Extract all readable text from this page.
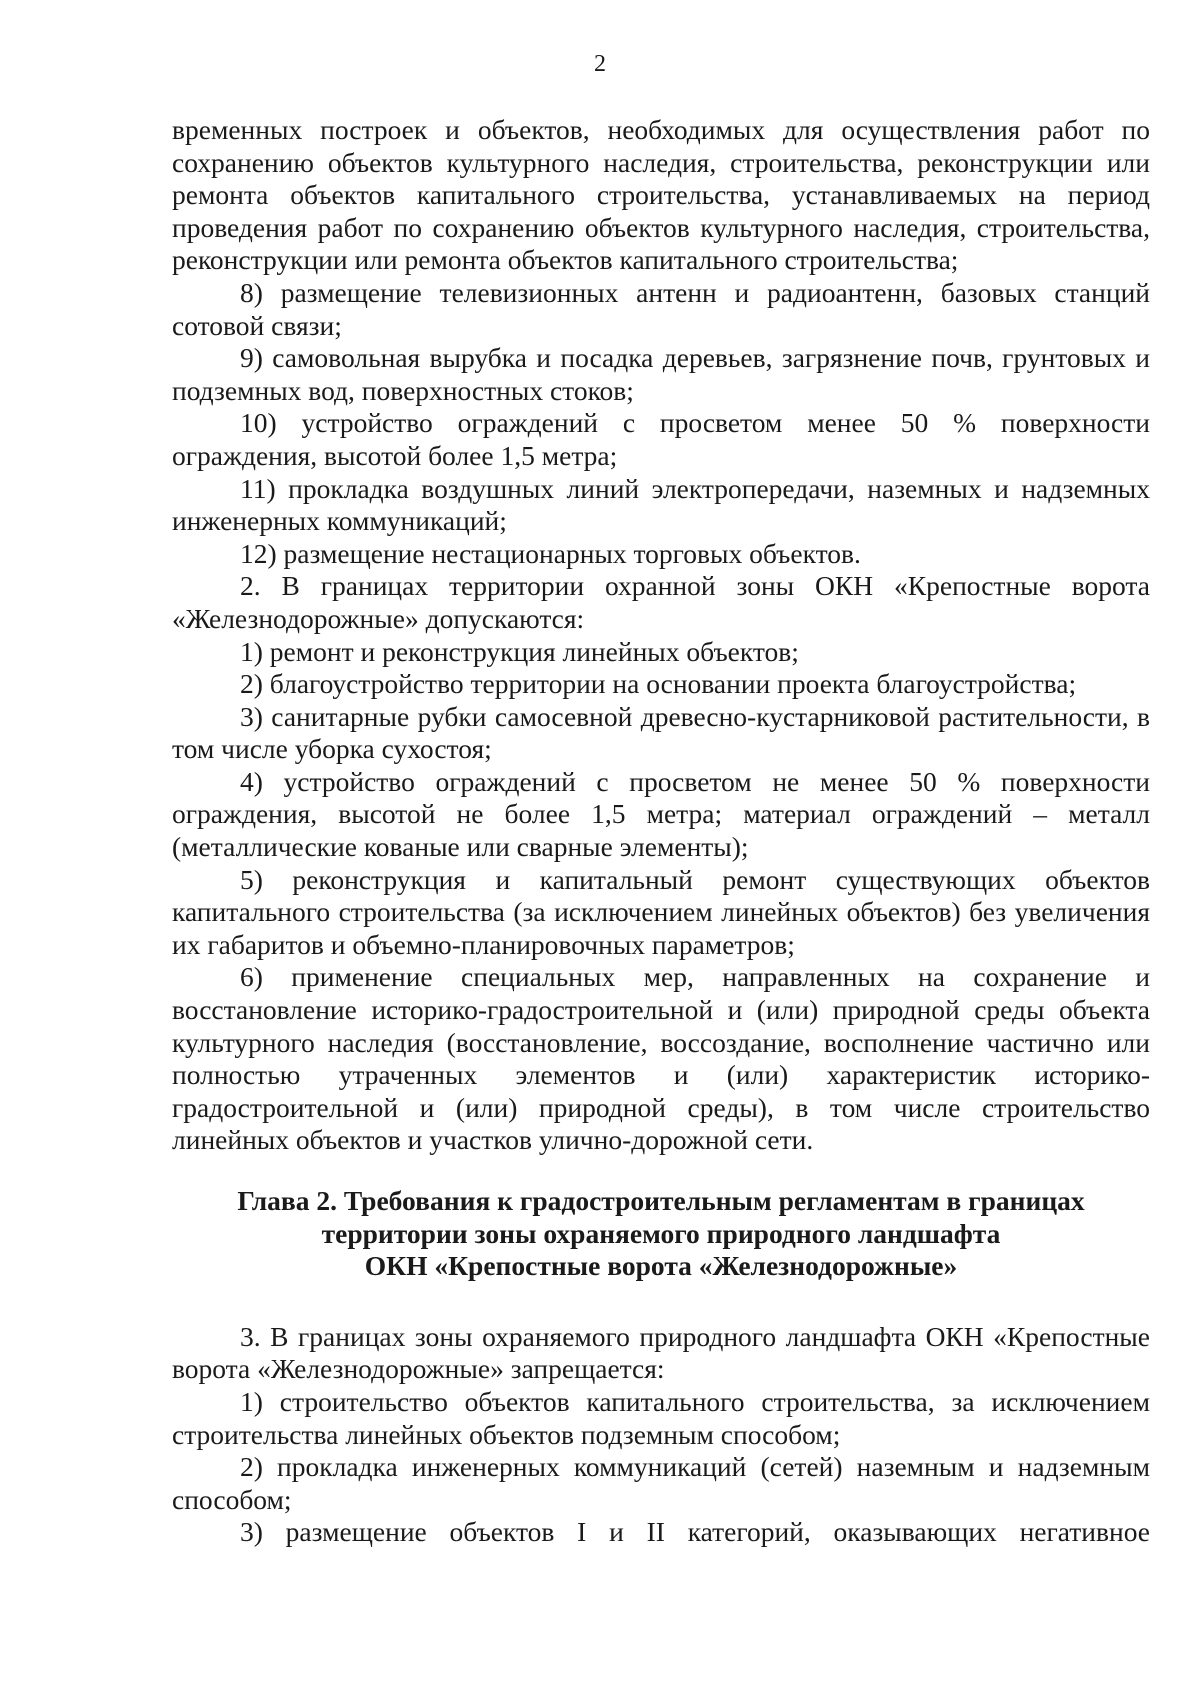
2

временных построек и объектов, необходимых для осуществления работ по сохранению объектов культурного наследия, строительства, реконструкции или ремонта объектов капитального строительства, устанавливаемых на период проведения работ по сохранению объектов культурного наследия, строительства, реконструкции или ремонта объектов капитального строительства;

8) размещение телевизионных антенн и радиоантенн, базовых станций сотовой связи;

9) самовольная вырубка и посадка деревьев, загрязнение почв, грунтовых и подземных вод, поверхностных стоков;

10) устройство ограждений с просветом менее 50 % поверхности ограждения, высотой более 1,5 метра;

11) прокладка воздушных линий электропередачи, наземных и надземных инженерных коммуникаций;

12) размещение нестационарных торговых объектов.

2. В границах территории охранной зоны ОКН «Крепостные ворота «Железнодорожные» допускаются:

1) ремонт и реконструкция линейных объектов;

2) благоустройство территории на основании проекта благоустройства;

3) санитарные рубки самосевной древесно-кустарниковой растительности, в том числе уборка сухостоя;

4) устройство ограждений с просветом не менее 50 % поверхности ограждения, высотой не более 1,5 метра; материал ограждений – металл (металлические кованые или сварные элементы);

5) реконструкция и капитальный ремонт существующих объектов капитального строительства (за исключением линейных объектов) без увеличения их габаритов и объемно-планировочных параметров;

6) применение специальных мер, направленных на сохранение и восстановление историко-градостроительной и (или) природной среды объекта культурного наследия (восстановление, воссоздание, восполнение частично или полностью утраченных элементов и (или) характеристик историко-градостроительной и (или) природной среды), в том числе строительство линейных объектов и участков улично-дорожной сети.

Глава 2. Требования к градостроительным регламентам в границах
территории зоны охраняемого природного ландшафта
ОКН «Крепостные ворота «Железнодорожные»

3. В границах зоны охраняемого природного ландшафта ОКН «Крепостные ворота «Железнодорожные» запрещается:

1) строительство объектов капитального строительства, за исключением строительства линейных объектов подземным способом;

2) прокладка инженерных коммуникаций (сетей) наземным и надземным способом;

3) размещение объектов I и II категорий, оказывающих негативное
